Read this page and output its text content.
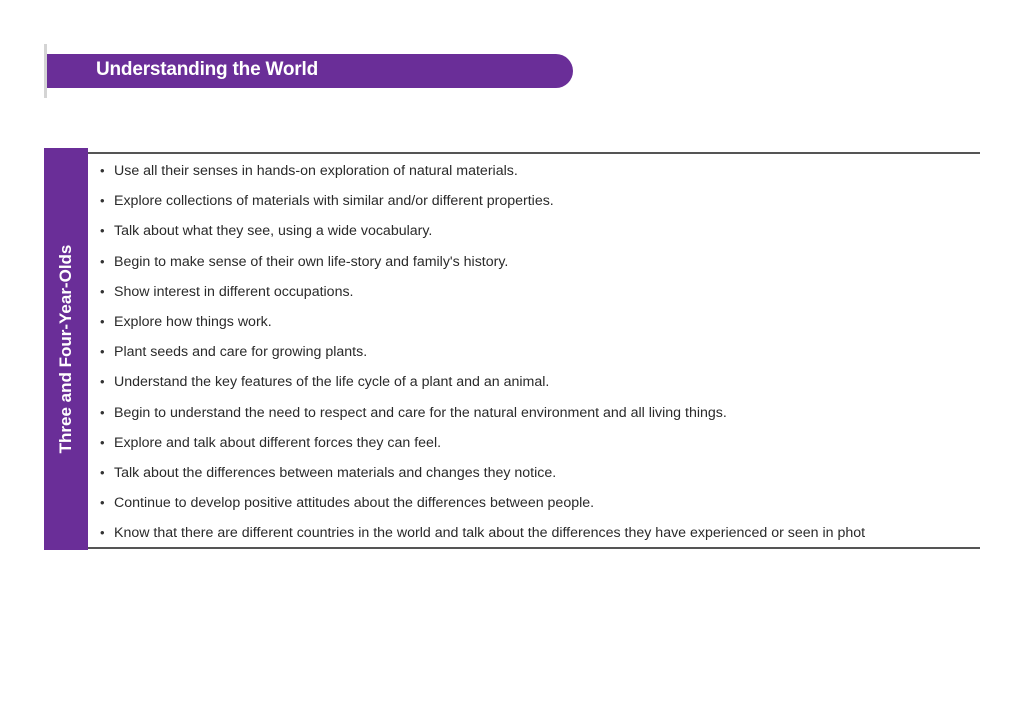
Understanding the World
Three and Four-Year-Olds
• Use all their senses in hands-on exploration of natural materials.
• Explore collections of materials with similar and/or different properties.
• Talk about what they see, using a wide vocabulary.
• Begin to make sense of their own life-story and family's history.
• Show interest in different occupations.
• Explore how things work.
• Plant seeds and care for growing plants.
• Understand the key features of the life cycle of a plant and an animal.
• Begin to understand the need to respect and care for the natural environment and all living things.
• Explore and talk about different forces they can feel.
• Talk about the differences between materials and changes they notice.
• Continue to develop positive attitudes about the differences between people.
• Know that there are different countries in the world and talk about the differences they have experienced or seen in phot
